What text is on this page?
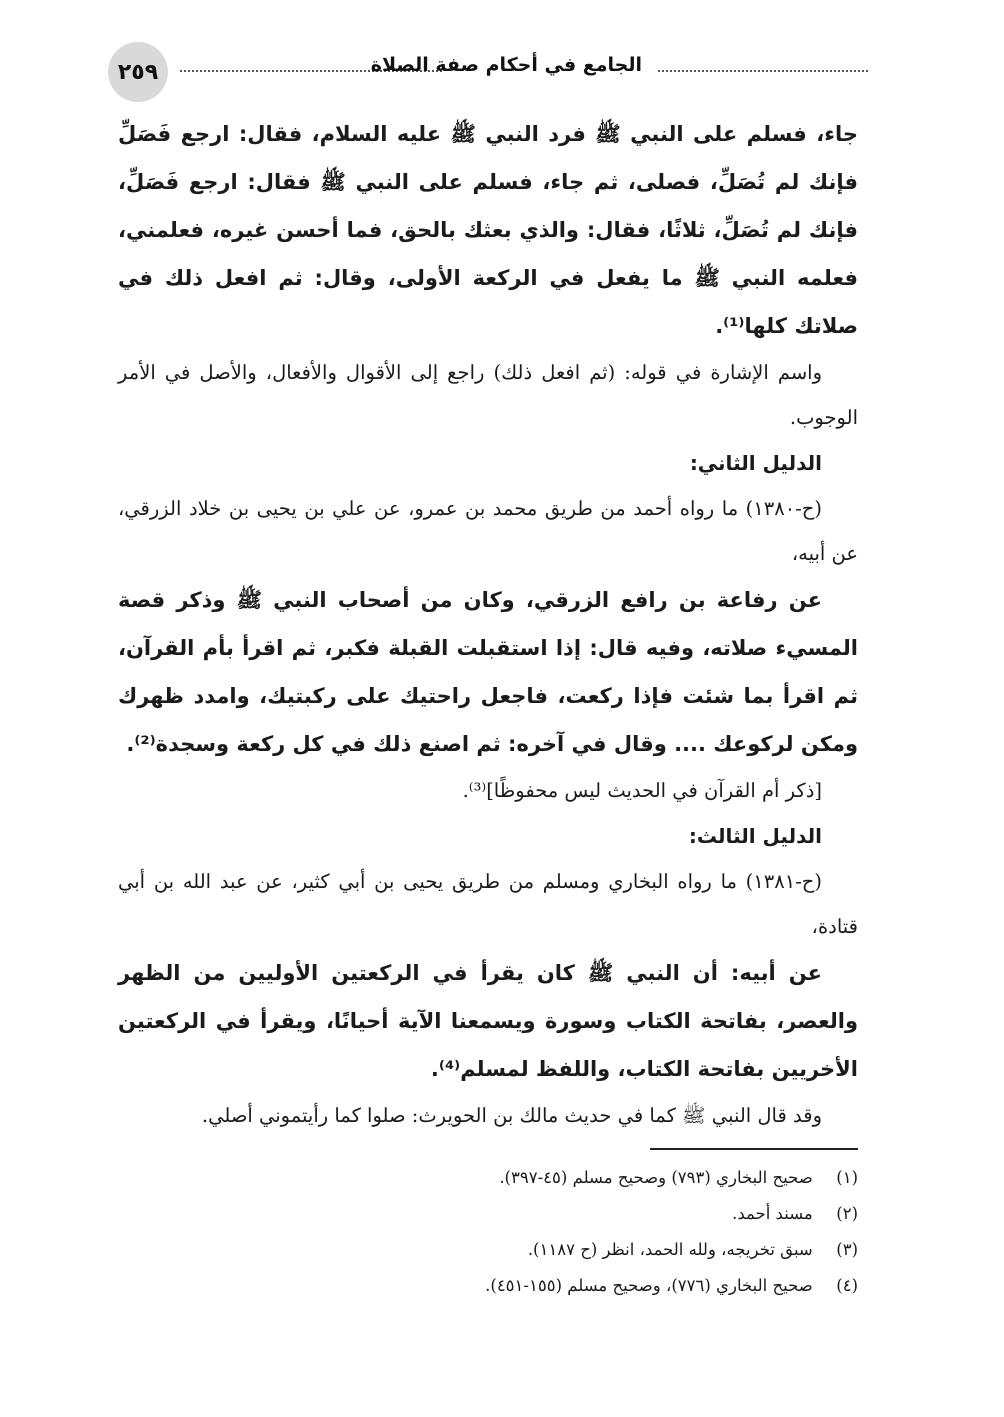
٢٥٩	الجامع في أحكام صفة الصلاة

جاء، فسلم على النبي ﷺ فرد النبي ﷺ عليه السلام، فقال: ارجع فَصَلِّ فإنك لم تُصَلِّ، فصلى، ثم جاء، فسلم على النبي ﷺ فقال: ارجع فَصَلِّ، فإنك لم تُصَلِّ، ثلاثًا، فقال: والذي بعثك بالحق، فما أحسن غيره، فعلمني، فعلمه النبي ﷺ ما يفعل في الركعة الأولى، وقال: ثم افعل ذلك في صلاتك كلها⁽¹⁾.

واسم الإشارة في قوله: (ثم افعل ذلك) راجع إلى الأقوال والأفعال، والأصل في الأمر الوجوب.

الدليل الثاني:

(ح-١٣٨٠) ما رواه أحمد من طريق محمد بن عمرو، عن علي بن يحيى بن خلاد الزرقي، عن أبيه،

عن رفاعة بن رافع الزرقي، وكان من أصحاب النبي ﷺ وذكر قصة المسيء صلاته، وفيه قال: إذا استقبلت القبلة فكبر، ثم اقرأ بأم القرآن، ثم اقرأ بما شئت فإذا ركعت، فاجعل راحتيك على ركبتيك، وامدد ظهرك ومكن لركوعك .... وقال في آخره: ثم اصنع ذلك في كل ركعة وسجدة⁽²⁾.

[ذكر أم القرآن في الحديث ليس محفوظًا]⁽³⁾.

الدليل الثالث:

(ح-١٣٨١) ما رواه البخاري ومسلم من طريق يحيى بن أبي كثير، عن عبد الله بن أبي قتادة،

عن أبيه: أن النبي ﷺ كان يقرأ في الركعتين الأوليين من الظهر والعصر، بفاتحة الكتاب وسورة ويسمعنا الآية أحيانًا، ويقرأ في الركعتين الأخريين بفاتحة الكتاب، واللفظ لمسلم⁽⁴⁾.

وقد قال النبي ﷺ كما في حديث مالك بن الحويرث: صلوا كما رأيتموني أصلي.

(١) صحيح البخاري (٧٩٣) وصحيح مسلم (٤٥-٣٩٧).
(٢) مسند أحمد.
(٣) سبق تخريجه، ولله الحمد، انظر (ح ١١٨٧).
(٤) صحيح البخاري (٧٧٦)، وصحيح مسلم (١٥٥-٤٥١).
